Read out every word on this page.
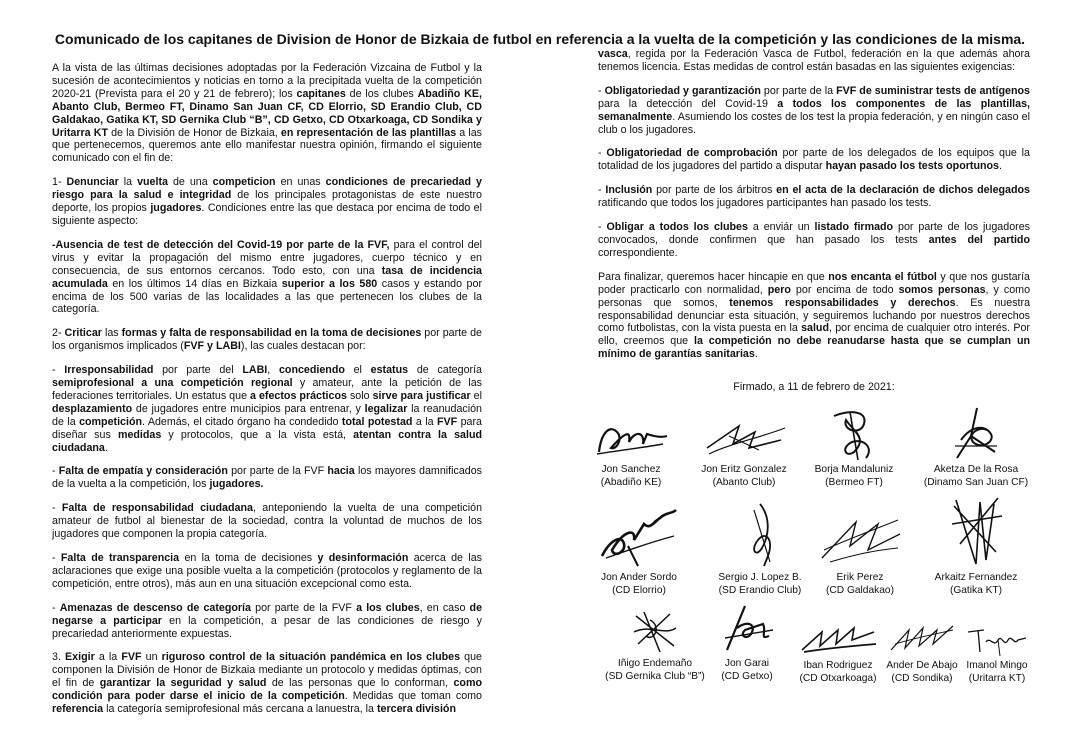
Comunicado de los capitanes de Division de Honor de Bizkaia de futbol en referencia a la vuelta de la competición y las condiciones de la misma.

A la vista de las últimas decisiones adoptadas por la Federación Vizcaina de Futbol y la sucesión de acontecimientos y noticias en torno a la precipitada vuelta de la competición 2020-21 (Prevista para el 20 y 21 de febrero); los capitanes de los clubes Abadiño KE, Abanto Club, Bermeo FT, Dinamo San Juan CF, CD Elorrio, SD Erandio Club, CD Galdakao, Gatika KT, SD Gernika Club “B”, CD Getxo, CD Otxarkoaga, CD Sondika y Uritarra KT de la División de Honor de Bizkaia, en representación de las plantillas a las que pertenecemos, queremos ante ello manifestar nuestra opinión, firmando el siguiente comunicado con el fin de:

1- Denunciar la vuelta de una competicion en unas condiciones de precariedad y riesgo para la salud e integridad de los principales protagonistas de este nuestro deporte, los propios jugadores. Condiciones entre las que destaca por encima de todo el siguiente aspecto:

-Ausencia de test de detección del Covid-19 por parte de la FVF, para el control del virus y evitar la propagación del mismo entre jugadores, cuerpo técnico y en consecuencia, de sus entornos cercanos. Todo esto, con una tasa de incidencia acumulada en los últimos 14 días en Bizkaia superior a los 580 casos y estando por encima de los 500 varias de las localidades a las que pertenecen los clubes de la categoría.

2- Criticar las formas y falta de responsabilidad en la toma de decisiones por parte de los organismos implicados (FVF y LABI), las cuales destacan por:

- Irresponsabilidad por parte del LABI, concediendo el estatus de categoría semiprofesional a una competición regional y amateur, ante la petición de las federaciones territoriales. Un estatus que a efectos prácticos solo sirve para justificar el desplazamiento de jugadores entre municipios para entrenar, y legalizar la reanudación de la competición. Además, el citado órgano ha condedido total potestad a la FVF para diseñar sus medidas y protocolos, que a la vista está, atentan contra la salud ciudadana.

- Falta de empatía y consideración por parte de la FVF hacia los mayores damnificados de la vuelta a la competición, los jugadores.

- Falta de responsabilidad ciudadana, anteponiendo la vuelta de una competición amateur de futbol al bienestar de la sociedad, contra la voluntad de muchos de los jugadores que componen la propia categoría.

- Falta de transparencia en la toma de decisiones y desinformación acerca de las aclaraciones que exige una posible vuelta a la competición (protocolos y reglamento de la competición, entre otros), más aun en una situación excepcional como esta.

- Amenazas de descenso de categoría por parte de la FVF a los clubes, en caso de negarse a participar en la competición, a pesar de las condiciones de riesgo y precariedad anteriormente expuestas.

3. Exigir a la FVF un riguroso control de la situación pandémica en los clubes que componen la División de Honor de Bizkaia mediante un protocolo y medidas óptimas, con el fin de garantizar la seguridad y salud de las personas que lo conforman, como condición para poder darse el inicio de la competición. Medidas que toman como referencia la categoría semiprofesional más cercana a lanuestra, la tercera división

vasca, regida por la Federación Vasca de Futbol, federación en la que además ahora tenemos licencia. Estas medidas de control están basadas en las siguientes exigencias:

- Obligatoriedad y garantización por parte de la FVF de suministrar tests de antígenos para la detección del Covid-19 a todos los componentes de las plantillas, semanalmente. Asumiendo los costes de los test la propia federación, y en ningún caso el club o los jugadores.

- Obligatoriedad de comprobación por parte de los delegados de los equipos que la totalidad de los jugadores del partido a disputar hayan pasado los tests oportunos.

- Inclusión por parte de los árbitros en el acta de la declaración de dichos delegados ratificando que todos los jugadores participantes han pasado los tests.

- Obligar a todos los clubes a enviár un listado firmado por parte de los jugadores convocados, donde confirmen que han pasado los tests antes del partido correspondiente.

Para finalizar, queremos hacer hincapie en que nos encanta el fútbol y que nos gustaría poder practicarlo con normalidad, pero por encima de todo somos personas, y como personas que somos, tenemos responsabilidades y derechos. Es nuestra responsabilidad denunciar esta situación, y seguiremos luchando por nuestros derechos como futbolistas, con la vista puesta en la salud, por encima de cualquier otro interés. Por ello, creemos que la competición no debe reanudarse hasta que se cumplan un mínimo de garantías sanitarias.

Firmado, a 11 de febrero de 2021:
Jon Sanchez
(Abadiño KE)
Jon Eritz Gonzalez
(Abanto Club)
Borja Mandaluniz
(Bermeo FT)
Aketza De la Rosa
(Dinamo San Juan CF)
Jon Ander Sordo
(CD Elorrio)
Sergio J. Lopez B.
(SD Erandio Club)
Erik Perez
(CD Galdakao)
Arkaitz Fernandez
(Gatika KT)
Iñigo Endemaño
(SD Gernika Club “B”)
Jon Garai
(CD Getxo)
Iban Rodriguez
(CD Otxarkoaga)
Ander De Abajo
(CD Sondika)
Imanol Mingo
(Uritarra KT)
